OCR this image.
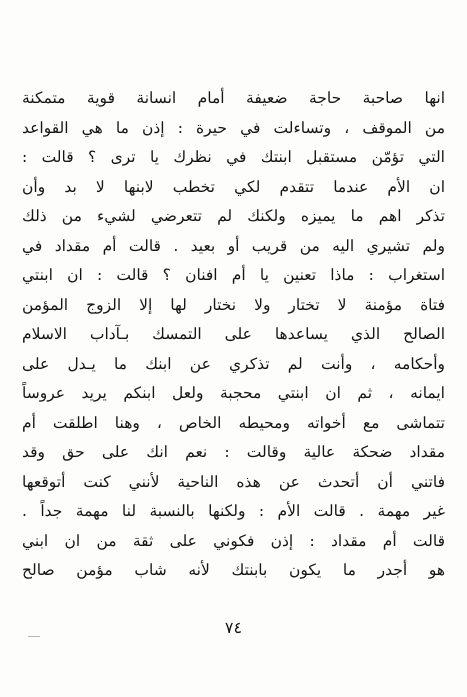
انها صاحبة حاجة ضعيفة أمام انسانة قوية متمكنة
من الموقف ، وتساءلت في حيرة : إذن ما هي القواعد
التي تؤمّن مستقبل ابنتك في نظرك يا ترى ؟ قالت :
ان الأم عندما تتقدم لكي تخطب لابنها لا بد وأن
تذكر اهم ما يميزه ولكنك لم تتعرضي لشيء من ذلك
ولم تشيري اليه من قريب أو بعيد . قالت أم مقداد في
استغراب : ماذا تعنين يا أم افنان ؟ قالت : ان ابنتي
فتاة مؤمنة لا تختار ولا نختار لها إلا الزوج المؤمن
الصالح الذي يساعدها على التمسك بـآداب الاسلام
وأحكامه ، وأنت لم تذكري عن ابنك ما يـدل على
ايمانه ، ثم ان ابنتي محجبة ولعل ابنكم يريد عروساً
تتماشى مع أخواته ومحيطه الخاص ، وهنا اطلقت أم
مقداد ضحكة عالية وقالت : نعم انك على حق وقد
فاتني أن أتحدث عن هذه الناحية لأنني كنت أتوقعها
غير مهمة . قالت الأم : ولكنها بالنسبة لنا مهمة جداً .
قالت أم مقداد : إذن فكوني على ثقة من ان ابني
هو أجدر ما يكون بابنتك لأنه شاب مؤمن صالح
٧٤
